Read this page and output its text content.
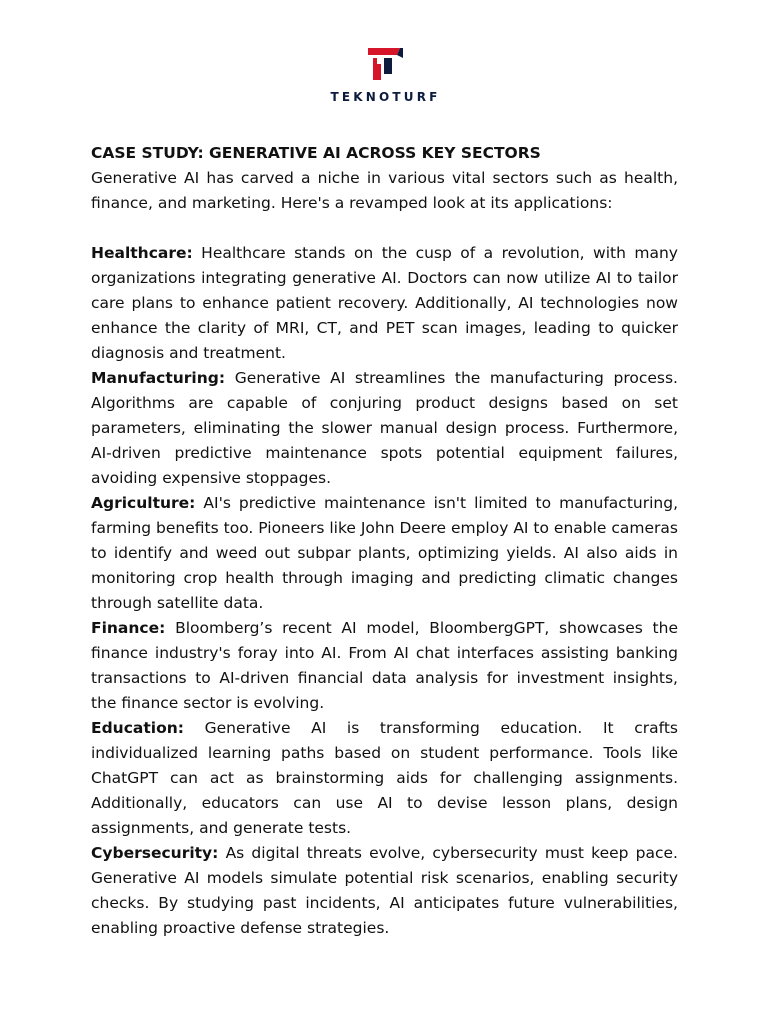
TEKNOTURF
CASE STUDY: GENERATIVE AI ACROSS KEY SECTORS

Generative AI has carved a niche in various vital sectors such as health, finance, and marketing. Here's a revamped look at its applications:

Healthcare: Healthcare stands on the cusp of a revolution, with many organizations integrating generative AI. Doctors can now utilize AI to tailor care plans to enhance patient recovery. Additionally, AI technologies now enhance the clarity of MRI, CT, and PET scan images, leading to quicker diagnosis and treatment.

Manufacturing: Generative AI streamlines the manufacturing process. Algorithms are capable of conjuring product designs based on set parameters, eliminating the slower manual design process. Furthermore, AI-driven predictive maintenance spots potential equipment failures, avoiding expensive stoppages.

Agriculture: AI's predictive maintenance isn't limited to manufacturing, farming benefits too. Pioneers like John Deere employ AI to enable cameras to identify and weed out subpar plants, optimizing yields. AI also aids in monitoring crop health through imaging and predicting climatic changes through satellite data.

Finance: Bloomberg’s recent AI model, BloombergGPT, showcases the finance industry's foray into AI. From AI chat interfaces assisting banking transactions to AI-driven financial data analysis for investment insights, the finance sector is evolving.

Education: Generative AI is transforming education. It crafts individualized learning paths based on student performance. Tools like ChatGPT can act as brainstorming aids for challenging assignments. Additionally, educators can use AI to devise lesson plans, design assignments, and generate tests.

Cybersecurity: As digital threats evolve, cybersecurity must keep pace. Generative AI models simulate potential risk scenarios, enabling security checks. By studying past incidents, AI anticipates future vulnerabilities, enabling proactive defense strategies.
